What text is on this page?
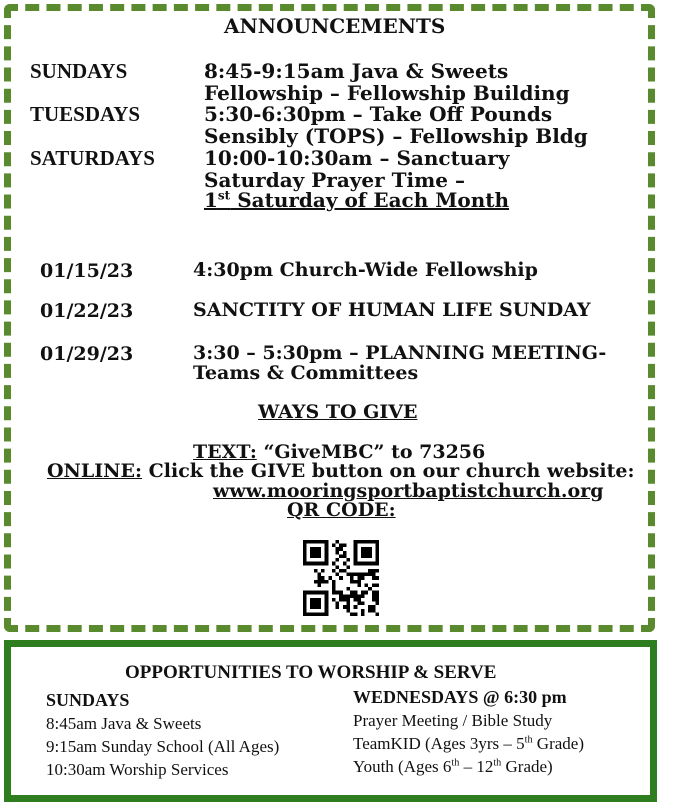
ANNOUNCEMENTS
SUNDAYS	8:45-9:15am Java & Sweets
Fellowship – Fellowship Building
TUESDAYS	5:30-6:30pm – Take Off Pounds
Sensibly (TOPS) – Fellowship Bldg
SATURDAYS 10:00-10:30am – Sanctuary
Saturday Prayer Time –
1st Saturday of Each Month
01/15/23	4:30pm Church-Wide Fellowship
01/22/23	SANCTITY OF HUMAN LIFE SUNDAY
01/29/23	3:30 – 5:30pm – PLANNING MEETING-
Teams & Committees
WAYS TO GIVE
TEXT: “GiveMBC” to 73256
ONLINE: Click the GIVE button on our church website:
www.mooringsportbaptistchurch.org
QR CODE:
OPPORTUNITIES TO WORSHIP & SERVE
SUNDAYS
8:45am Java & Sweets
9:15am Sunday School (All Ages)
10:30am Worship Services
WEDNESDAYS @ 6:30 pm
Prayer Meeting / Bible Study
TeamKID (Ages 3yrs – 5th Grade)
Youth (Ages 6th – 12th Grade)
